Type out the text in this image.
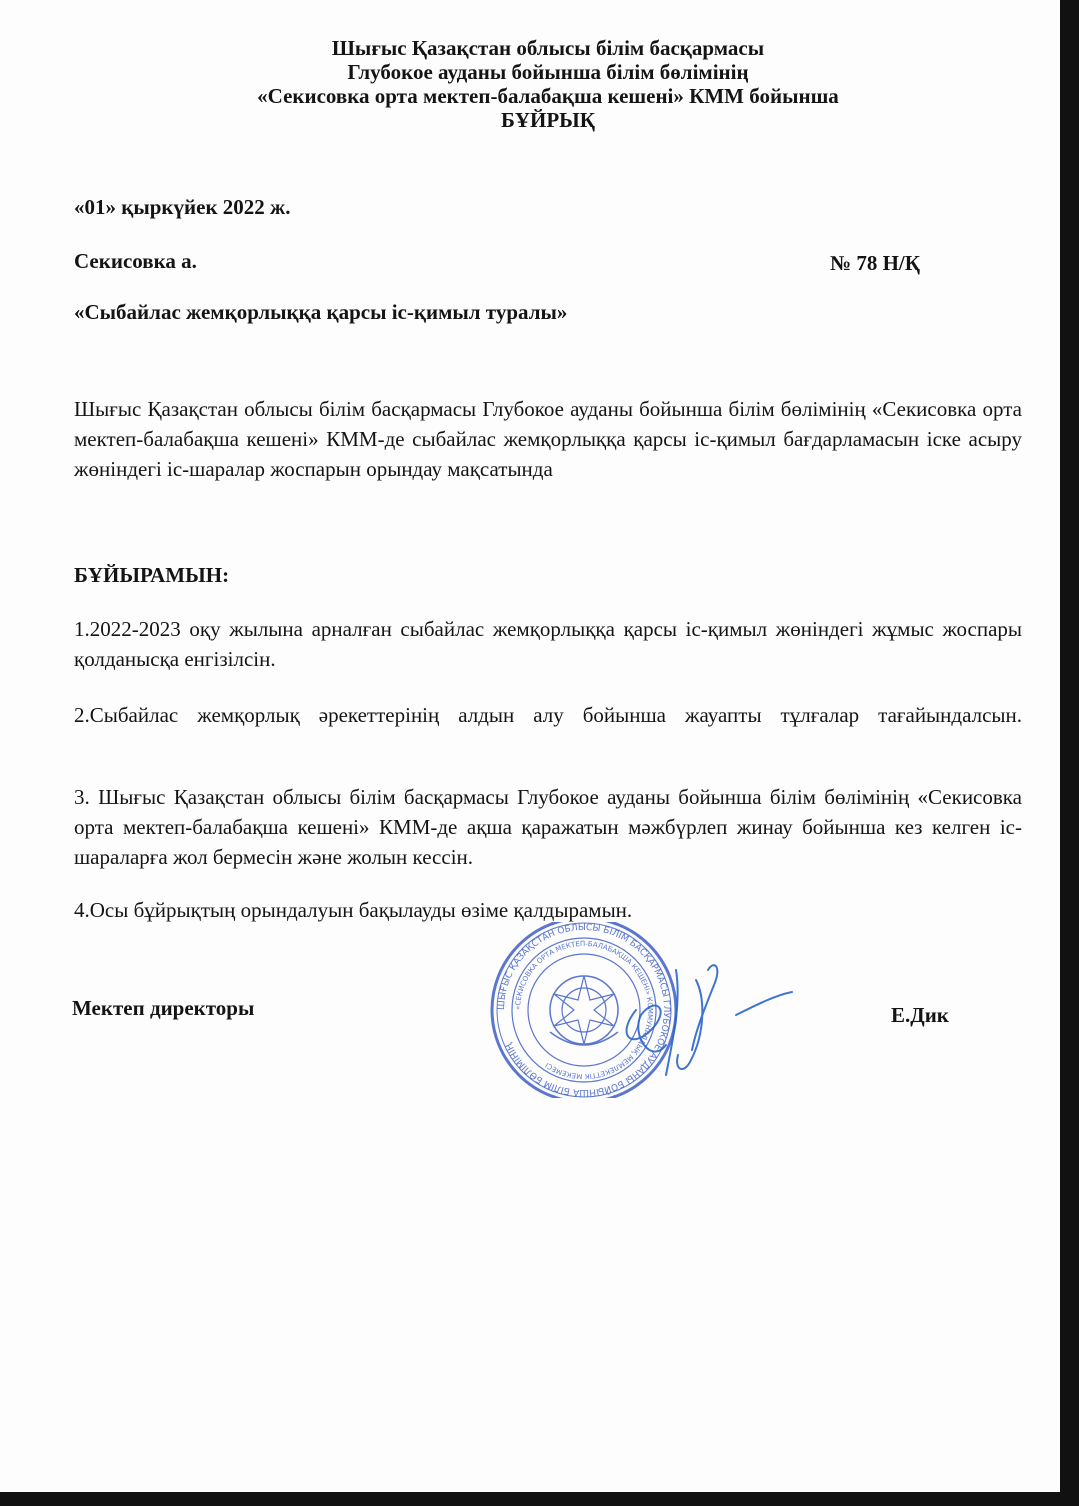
Шығыс Қазақстан облысы білім басқармасы
Глубокое ауданы бойынша білім бөлімінің
«Секисовка орта мектеп-балабақша кешені» КММ бойынша
БҰЙРЫҚ
«01» қыркүйек 2022 ж.
Секисовка а.	№ 78 Н/Қ
«Сыбайлас жемқорлыққа қарсы іс-қимыл туралы»
Шығыс Қазақстан облысы білім басқармасы Глубокое ауданы бойынша білім бөлімінің «Секисовка орта мектеп-балабақша кешені» КММ-де сыбайлас жемқорлыққа қарсы іс-қимыл бағдарламасын іске асыру жөніндегі іс-шаралар жоспарын орындау мақсатында
БҰЙЫРАМЫН:
1.2022-2023 оқу жылына арналған сыбайлас жемқорлыққа қарсы іс-қимыл жөніндегі жұмыс жоспары қолданысқа енгізілсін.
2.Сыбайлас жемқорлық әрекеттерінің алдын алу бойынша жауапты тұлғалар тағайындалсын.
3. Шығыс Қазақстан облысы білім басқармасы Глубокое ауданы бойынша білім бөлімінің «Секисовка орта мектеп-балабақша кешені» КММ-де ақша қаражатын мәжбүрлеп жинау бойынша кез келген іс-шараларға жол бермесін және жолын кессін.
4.Осы бұйрықтың орындалуын бақылауды өзіме қалдырамын.
Мектеп директоры	Е.Дик
ШЫҒЫС ҚАЗАҚСТАН ОБЛЫСЫ БІЛІМ БАСҚАРМАСЫ ГЛУБОКОЕ АУДАНЫ БОЙЫНША БІЛІМ БӨЛІМІНІҢ
«СЕКИСОВКА ОРТА МЕКТЕП-БАЛАБАҚША КЕШЕНІ» КОММУНАЛДЫҚ МЕМЛЕКЕТТІК МЕКЕМЕСІ
